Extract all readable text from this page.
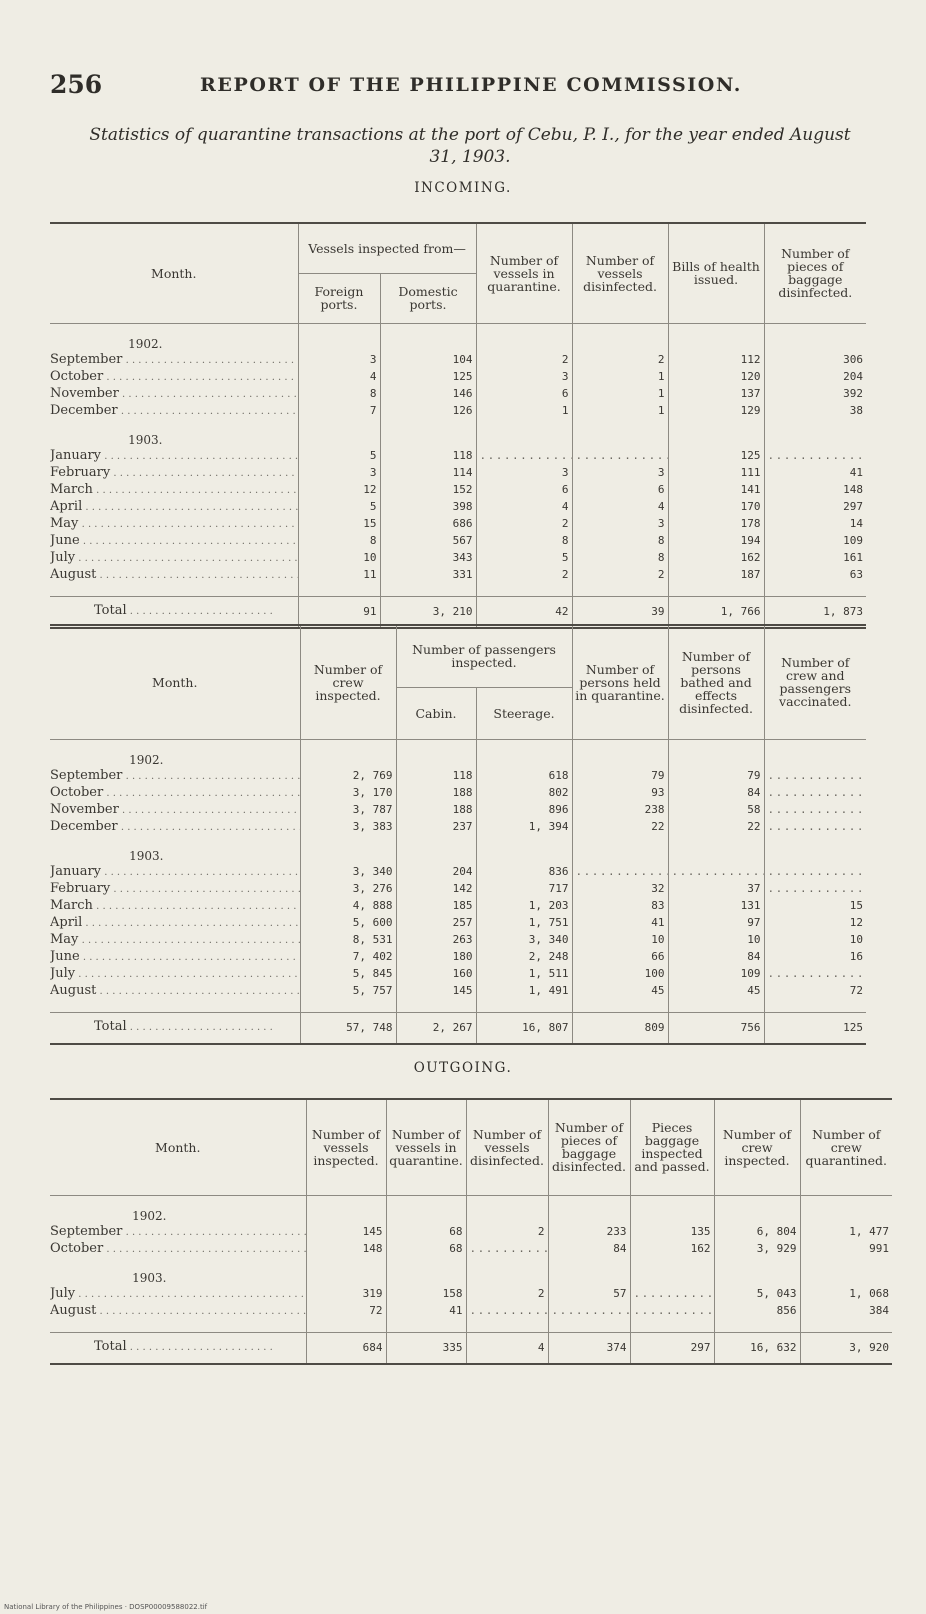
256	REPORT OF THE PHILIPPINE COMMISSION.
Statistics of quarantine transactions at the port of Cebu, P. I., for the year ended August
31, 1903.
INCOMING.
Month.	Vessels inspected from—		Number of vessels in quarantine.	Number of vessels disinfected.	Bills of health issued.	Number of pieces of baggage disinfected.
	Foreign ports.	Domestic ports.				

1902.						
September . . .	3	104	2	2	112	306
October . . .	4	125	3	1	120	204
November . . .	8	146	6	1	137	392
December . . .	7	126	1	1	129	38

1903.						
January . . .	5	118	.....	.....	125	.....
February . . .	3	114	3	3	111	41
March . . .	12	152	6	6	141	148
April . . .	5	398	4	4	170	297
May . . .	15	686	2	3	178	14
June . . .	8	567	8	8	194	109
July . . .	10	343	5	8	162	161
August . . .	11	331	2	2	187	63

Total . . .	91	3, 210	42	39	1, 766	1, 873
Month.	Number of crew inspected.	Number of passengers inspected.		Number of persons held in quarantine.	Number of persons bathed and effects disinfected.	Number of crew and passengers vaccinated.
		Cabin.	Steerage.			

1902.						
September . . .	2, 769	118	618	79	79	.....
October . . .	3, 170	188	802	93	84	.....
November . . .	3, 787	188	896	238	58	.....
December . . .	3, 383	237	1, 394	22	22	.....

1903.						
January . . .	3, 340	204	836	.....	.....	.....
February . . .	3, 276	142	717	32	37	.....
March . . .	4, 888	185	1, 203	83	131	15
April . . .	5, 600	257	1, 751	41	97	12
May . . .	8, 531	263	3, 340	10	10	10
June . . .	7, 402	180	2, 248	66	84	16
July . . .	5, 845	160	1, 511	100	109	.....
August . . .	5, 757	145	1, 491	45	45	72

Total . . .	57, 748	2, 267	16, 807	809	756	125
OUTGOING.
Month.	Number of vessels inspected.	Number of vessels in quarantine.	Number of vessels disinfected.	Number of pieces of baggage disinfected.	Pieces baggage inspected and passed.	Number of crew inspected.	Number of crew quarantined.

1902.							
September . . .	145	68	2	233	135	6, 804	1, 477
October . . .	148	68	.....	84	162	3, 929	991

1903.							
July . . .	319	158	2	57	.....	5, 043	1, 068
August . . .	72	41	.....	.....	.....	856	384

Total . . .	684	335	4	374	297	16, 632	3, 920
National Library of the Philippines · DOSP00009588022.tif
